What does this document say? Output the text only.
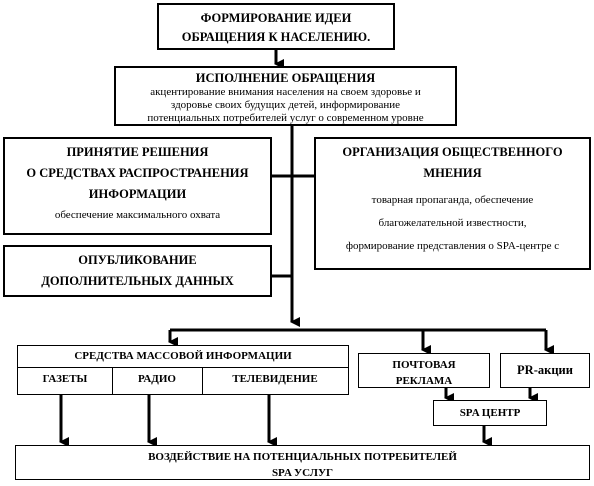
ФОРМИРОВАНИЕ ИДЕИ
ОБРАЩЕНИЯ К НАСЕЛЕНИЮ.
ИСПОЛНЕНИЕ ОБРАЩЕНИЯ
акцентирование внимания населения на своем здоровье и
здоровье своих будущих детей, информирование
потенциальных потребителей услуг о современном уровне
ПРИНЯТИЕ РЕШЕНИЯ
О СРЕДСТВАХ РАСПРОСТРАНЕНИЯ
ИНФОРМАЦИИ
обеспечение максимального охвата
ОРГАНИЗАЦИЯ ОБЩЕСТВЕННОГО
МНЕНИЯ
товарная пропаганда, обеспечение
благожелательной известности,
формирование представления о SPA-центре с
ОПУБЛИКОВАНИЕ
ДОПОЛНИТЕЛЬНЫХ ДАННЫХ
СРЕДСТВА МАССОВОЙ ИНФОРМАЦИИ
ГАЗЕТЫ	РАДИО	ТЕЛЕВИДЕНИЕ
ПОЧТОВАЯ
РЕКЛАМА
PR-акции
SPA ЦЕНТР
ВОЗДЕЙСТВИЕ НА ПОТЕНЦИАЛЬНЫХ ПОТРЕБИТЕЛЕЙ
SPA УСЛУГ
